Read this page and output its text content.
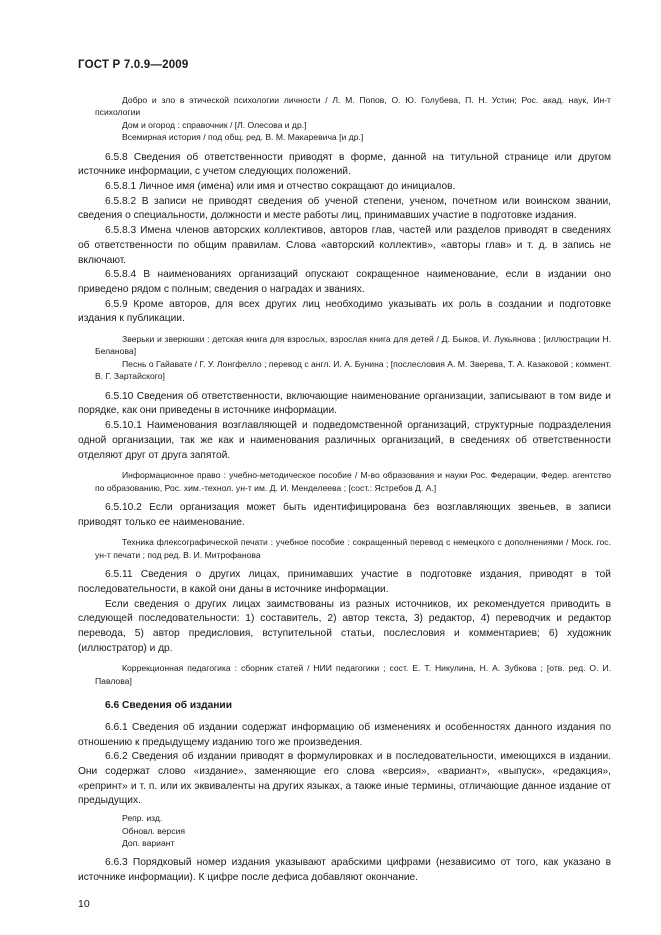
ГОСТ Р 7.0.9—2009

Добро и зло в этической психологии личности / Л. М. Попов, О. Ю. Голубева, П. Н. Устин; Рос. акад. наук, Ин-т психологии

Дом и огород : справочник / [Л. Олесова и др.]

Всемирная история / под общ. ред. В. М. Макаревича [и др.]

6.5.8 Сведения об ответственности приводят в форме, данной на титульной странице или другом источнике информации, с учетом следующих положений.

6.5.8.1 Личное имя (имена) или имя и отчество сокращают до инициалов.

6.5.8.2 В записи не приводят сведения об ученой степени, ученом, почетном или воинском звании, сведения о специальности, должности и месте работы лиц, принимавших участие в подготовке издания.

6.5.8.3 Имена членов авторских коллективов, авторов глав, частей или разделов приводят в сведениях об ответственности по общим правилам. Слова «авторский коллектив», «авторы глав» и т. д. в запись не включают.

6.5.8.4 В наименованиях организаций опускают сокращенное наименование, если в издании оно приведено рядом с полным; сведения о наградах и званиях.

6.5.9 Кроме авторов, для всех других лиц необходимо указывать их роль в создании и подготовке издания к публикации.

Зверьки и зверюшки : детская книга для взрослых, взрослая книга для детей / Д. Быков, И. Лукьянова ; [иллюстрации Н. Беланова]

Песнь о Гайавате / Г. У. Лонгфелло ; перевод с англ. И. А. Бунина ; [послесловия А. М. Зверева, Т. А. Казаковой ; коммент. В. Г. Зартайского]

6.5.10 Сведения об ответственности, включающие наименование организации, записывают в том виде и порядке, как они приведены в источнике информации.

6.5.10.1 Наименования возглавляющей и подведомственной организаций, структурные подразделения одной организации, так же как и наименования различных организаций, в сведениях об ответственности отделяют друг от друга запятой.

Информационное право : учебно-методическое пособие / М-во образования и науки Рос. Федерации, Федер. агентство по образованию, Рос. хим.-технол. ун-т им. Д. И. Менделеева ; [сост.: Ястребов Д. А.]

6.5.10.2 Если организация может быть идентифицирована без возглавляющих звеньев, в записи приводят только ее наименование.

Техника флексографической печати : учебное пособие : сокращенный перевод с немецкого с дополнениями / Моск. гос. ун-т печати ; под ред. В. И. Митрофанова

6.5.11 Сведения о других лицах, принимавших участие в подготовке издания, приводят в той последовательности, в какой они даны в источнике информации.

Если сведения о других лицах заимствованы из разных источников, их рекомендуется приводить в следующей последовательности: 1) составитель, 2) автор текста, 3) редактор, 4) переводчик и редактор перевода, 5) автор предисловия, вступительной статьи, послесловия и комментариев; 6) художник (иллюстратор) и др.

Коррекционная педагогика : сборник статей / НИИ педагогики ; сост. Е. Т. Никулина, Н. А. Зубкова ; [отв. ред. О. И. Павлова]

6.6 Сведения об издании

6.6.1 Сведения об издании содержат информацию об изменениях и особенностях данного издания по отношению к предыдущему изданию того же произведения.

6.6.2 Сведения об издании приводят в формулировках и в последовательности, имеющихся в издании. Они содержат слово «издание», заменяющие его слова «версия», «вариант», «выпуск», «редакция», «репринт» и т. п. или их эквиваленты на других языках, а также иные термины, отличающие данное издание от предыдущих.

Репр. изд.

Обновл. версия

Доп. вариант

6.6.3 Порядковый номер издания указывают арабскими цифрами (независимо от того, как указано в источнике информации). К цифре после дефиса добавляют окончание.

10
